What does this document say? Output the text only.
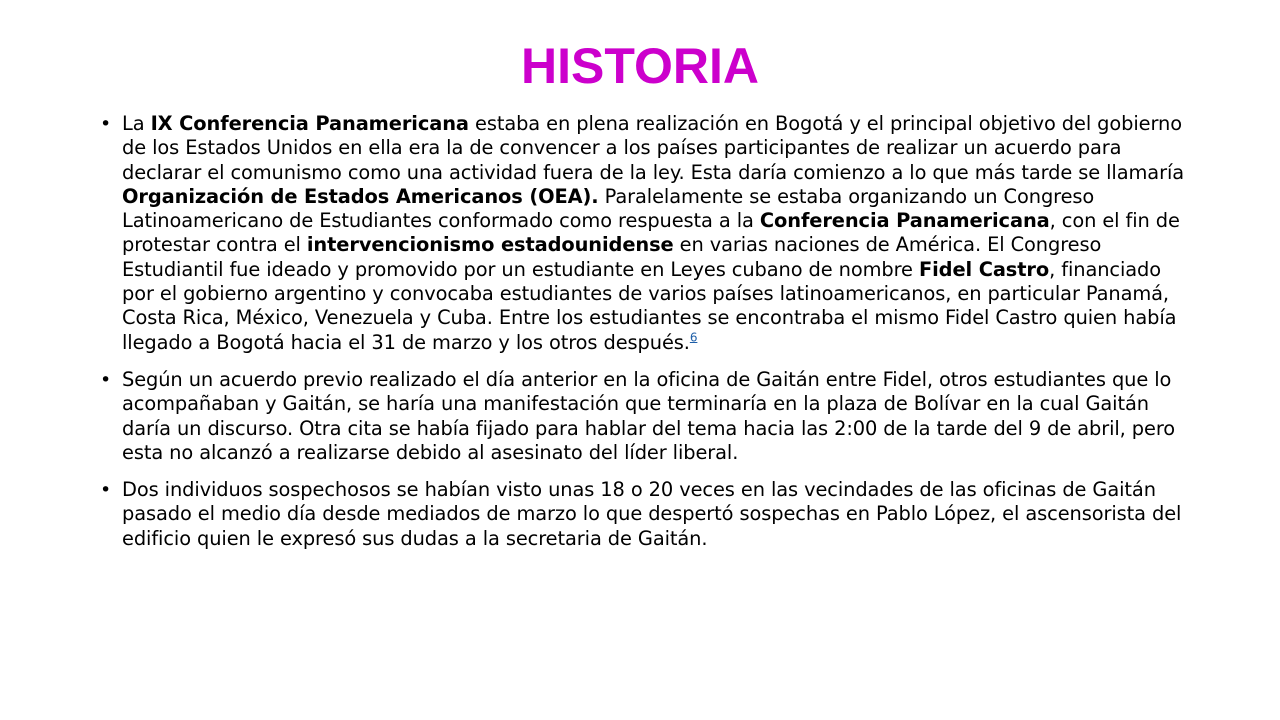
HISTORIA
• La IX Conferencia Panamericana estaba en plena realización en Bogotá y el principal objetivo del gobierno de los Estados Unidos en ella era la de convencer a los países participantes de realizar un acuerdo para declarar el comunismo como una actividad fuera de la ley. Esta daría comienzo a lo que más tarde se llamaría Organización de Estados Americanos (OEA). Paralelamente se estaba organizando un Congreso Latinoamericano de Estudiantes conformado como respuesta a la Conferencia Panamericana, con el fin de protestar contra el intervencionismo estadounidense en varias naciones de América. El Congreso Estudiantil fue ideado y promovido por un estudiante en Leyes cubano de nombre Fidel Castro, financiado por el gobierno argentino y convocaba estudiantes de varios países latinoamericanos, en particular Panamá, Costa Rica, México, Venezuela y Cuba. Entre los estudiantes se encontraba el mismo Fidel Castro quien había llegado a Bogotá hacia el 31 de marzo y los otros después.$^6$
• Según un acuerdo previo realizado el día anterior en la oficina de Gaitán entre Fidel, otros estudiantes que lo acompañaban y Gaitán, se haría una manifestación que terminaría en la plaza de Bolívar en la cual Gaitán daría un discurso. Otra cita se había fijado para hablar del tema hacia las 2:00 de la tarde del 9 de abril, pero esta no alcanzó a realizarse debido al asesinato del líder liberal.
• Dos individuos sospechosos se habían visto unas 18 o 20 veces en las vecindades de las oficinas de Gaitán pasado el medio día desde mediados de marzo lo que despertó sospechas en Pablo López, el ascensorista del edificio quien le expresó sus dudas a la secretaria de Gaitán.
